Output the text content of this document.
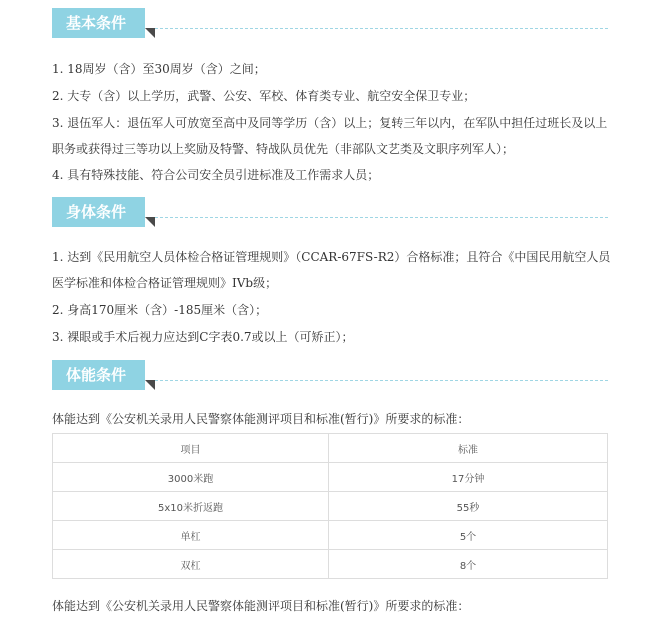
基本条件
1. 18周岁（含）至30周岁（含）之间；
2. 大专（含）以上学历，武警、公安、军校、体育类专业、航空安全保卫专业；
3. 退伍军人：退伍军人可放宽至高中及同等学历（含）以上；复转三年以内，在军队中担任过班长及以上
职务或获得过三等功以上奖励及特警、特战队员优先（非部队文艺类及文职序列军人）；
4. 具有特殊技能、符合公司安全员引进标准及工作需求人员；
身体条件
1. 达到《民用航空人员体检合格证管理规则》（CCAR-67FS-R2）合格标准；且符合《中国民用航空人员
医学标准和体检合格证管理规则》IVb级；
2. 身高170厘米（含）-185厘米（含）；
3. 裸眼或手术后视力应达到C字表0.7或以上（可矫正）；
体能条件
体能达到《公安机关录用人民警察体能测评项目和标准(暂行)》所要求的标准：
项目	标准
3000米跑	17分钟
5x10米折返跑	55秒
单杠	5个
双杠	8个
体能达到《公安机关录用人民警察体能测评项目和标准(暂行)》所要求的标准：
